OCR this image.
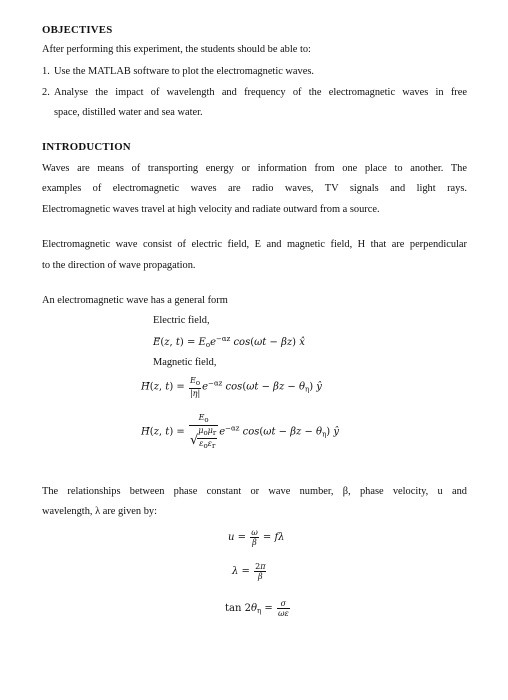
OBJECTIVES
After performing this experiment, the students should be able to:
1. Use the MATLAB software to plot the electromagnetic waves.
2. Analyse the impact of wavelength and frequency of the electromagnetic waves in free
space, distilled water and sea water.
INTRODUCTION
Waves are means of transporting energy or information from one place to another. The
examples of electromagnetic waves are radio waves, TV signals and light rays.
Electromagnetic waves travel at high velocity and radiate outward from a source.
Electromagnetic wave consist of electric field, E and magnetic field, H that are perpendicular
to the direction of wave propagation.
An electromagnetic wave has a general form
Electric field,
E⃗(z, $t) = E_oe^{-\alpha z}$ cos(ωt − βz) x̂
Magnetic field,
H⃗(z, $t) = \frac{Eo}{|\eta|} e^{-\alpha z}$ $\cos(\omega t - \beta z - \theta_\eta)$ ŷ
H⃗(z, $t) = \frac{Eo}{√ \frac{\text{μoμr}}{\text{εoεr}}} e^{-\alpha z}$ $\cos(\omega t - \beta z - \theta_\eta)$ ŷ
The relationships between phase constant or wave number, β, phase velocity, u and
wavelength, λ are given by:
$u = \frac{\omega}{\beta} = f\lambda$
$\lambda = \frac{2\pi}{\beta}$
$\tan 2\theta_\eta = \frac{\sigma}{\omega\varepsilon}$
